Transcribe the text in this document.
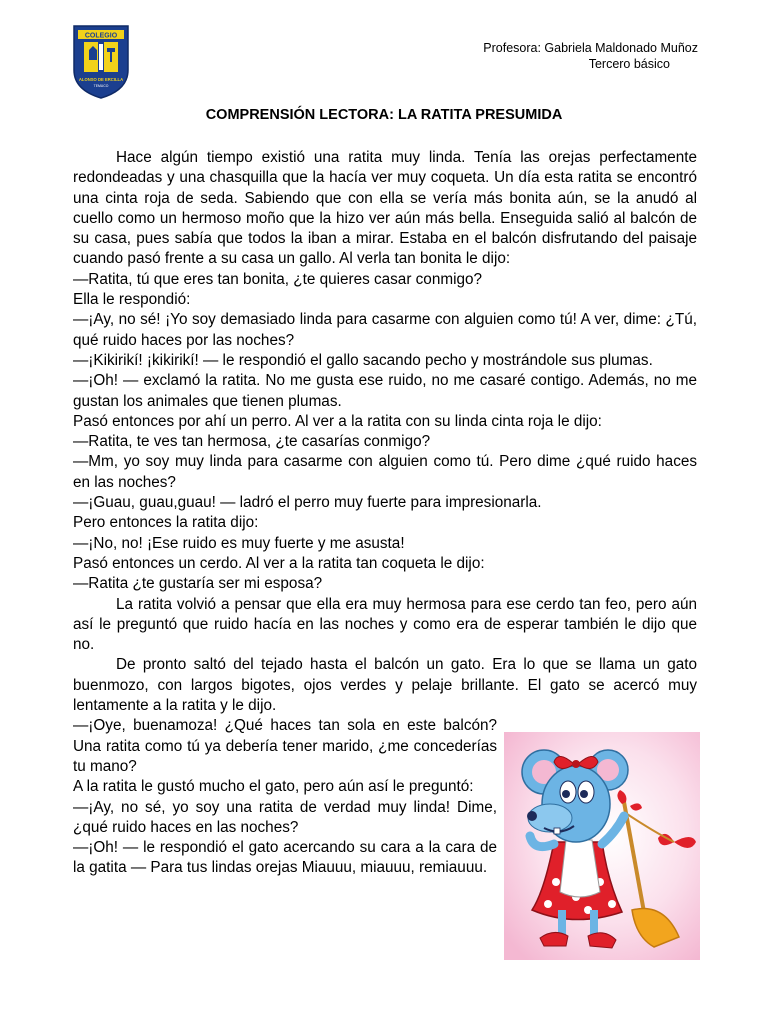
COLEGIO
ALONSO DE ERCILLA
TEMUCO
Profesora: Gabriela Maldonado Muñoz
Tercero básico
COMPRENSIÓN LECTORA: LA RATITA PRESUMIDA

Hace algún tiempo existió una ratita muy linda. Tenía las orejas perfectamente redondeadas y una chasquilla que la hacía ver muy coqueta. Un día esta ratita se encontró una cinta roja de seda. Sabiendo que con ella se vería más bonita aún, se la anudó al cuello como un hermoso moño que la hizo ver aún más bella. Enseguida salió al balcón de su casa, pues sabía que todos la iban a mirar. Estaba en el balcón disfrutando del paisaje cuando pasó frente a su casa un gallo. Al verla tan bonita le dijo:

—Ratita, tú que eres tan bonita, ¿te quieres casar conmigo?

Ella le respondió:

—¡Ay, no sé! ¡Yo soy demasiado linda para casarme con alguien como tú! A ver, dime: ¿Tú, qué ruido haces por las noches?

—¡Kikirikí! ¡kikirikí! — le respondió el gallo sacando pecho y mostrándole sus plumas.

—¡Oh! — exclamó la ratita. No me gusta ese ruido, no me casaré contigo. Además, no me gustan los animales que tienen plumas.

Pasó entonces por ahí un perro. Al ver a la ratita con su linda cinta roja le dijo:

—Ratita, te ves tan hermosa, ¿te casarías conmigo?

—Mm, yo soy muy linda para casarme con alguien como tú. Pero dime ¿qué ruido haces en las noches?

—¡Guau, guau,guau! — ladró el perro muy fuerte para impresionarla.

Pero entonces la ratita dijo:

—¡No, no! ¡Ese ruido es muy fuerte y me asusta!

Pasó entonces un cerdo. Al ver a la ratita tan coqueta le dijo:

—Ratita ¿te gustaría ser mi esposa?

La ratita volvió a pensar que ella era muy hermosa para ese cerdo tan feo, pero aún así le preguntó que ruido hacía en las noches y como era de esperar también le dijo que no.

De pronto saltó del tejado hasta el balcón un gato. Era lo que se llama un gato buenmozo, con largos bigotes, ojos verdes y pelaje brillante. El gato se acercó muy lentamente a la ratita y le dijo.

—¡Oye, buenamoza! ¿Qué haces tan sola en este balcón? Una ratita como tú ya debería tener marido, ¿me concederías tu mano?

A la ratita le gustó mucho el gato, pero aún así le preguntó:

—¡Ay, no sé, yo soy una ratita de verdad muy linda! Dime, ¿qué ruido haces en las noches?

—¡Oh! — le respondió el gato acercando su cara a la cara de la gatita — Para tus lindas orejas Miauuu, miauuu, remiauuu.
